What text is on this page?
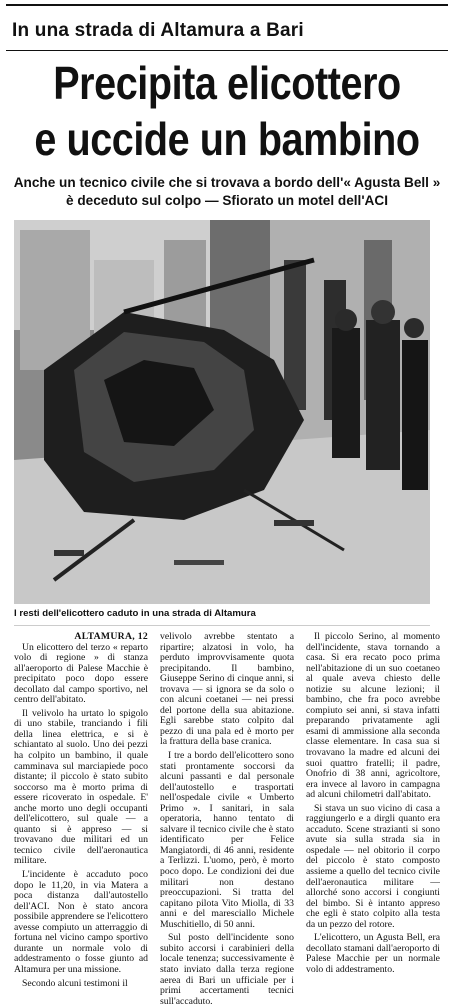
In una strada di Altamura a Bari
Precipita elicottero
e uccide un bambino
Anche un tecnico civile che si trovava a bordo dell'« Agusta Bell » è deceduto sul colpo — Sfiorato un motel dell'ACI
I resti dell'elicottero caduto in una strada di Altamura
ALTAMURA, 12

Un elicottero del terzo « reparto volo di regione » di stanza all'aeroporto di Palese Macchie è precipitato poco dopo essere decollato dal campo sportivo, nel centro dell'abitato.

Il velivolo ha urtato lo spigolo di uno stabile, tranciando i fili della linea elettrica, e si è schiantato al suolo. Uno dei pezzi ha colpito un bambino, il quale camminava sul marciapiede poco distante; il piccolo è stato subito soccorso ma è morto prima di essere ricoverato in ospedale. E' anche morto uno degli occupanti dell'elicottero, sul quale — a quanto si è appreso — si trovavano due militari ed un tecnico civile dell'aeronautica militare.

L'incidente è accaduto poco dopo le 11,20, in via Matera a poca distanza dall'autostello dell'ACI. Non è stato ancora possibile apprendere se l'elicottero avesse compiuto un atterraggio di fortuna nel vicino campo sportivo durante un normale volo di addestramento o fosse giunto ad Altamura per una missione.

Secondo alcuni testimoni il

velivolo avrebbe stentato a ripartire; alzatosi in volo, ha perduto improvvisamente quota precipitando. Il bambino, Giuseppe Serino di cinque anni, si trovava — si ignora se da solo o con alcuni coetanei — nei pressi del portone della sua abitazione. Egli sarebbe stato colpito dal pezzo di una pala ed è morto per la frattura della base cranica.

I tre a bordo dell'elicottero sono stati prontamente soccorsi da alcuni passanti e dal personale dell'autostello e trasportati nell'ospedale civile « Umberto Primo ». I sanitari, in sala operatoria, hanno tentato di salvare il tecnico civile che è stato identificato per Felice Mangiatordi, di 46 anni, residente a Terlizzi. L'uomo, però, è morto poco dopo. Le condizioni dei due militari non destano preoccupazioni. Si tratta del capitano pilota Vito Miolla, di 33 anni e del maresciallo Michele Muschitiello, di 50 anni.

Sul posto dell'incidente sono subito accorsi i carabinieri della locale tenenza; successivamente è stato inviato dalla terza regione aerea di Bari un ufficiale per i primi accertamenti tecnici sull'accaduto.

Il piccolo Serino, al momento dell'incidente, stava tornando a casa. Si era recato poco prima nell'abitazione di un suo coetaneo al quale aveva chiesto delle notizie su alcune lezioni; il bambino, che fra poco avrebbe compiuto sei anni, si stava infatti preparando privatamente agli esami di ammissione alla seconda classe elementare. In casa sua si trovavano la madre ed alcuni dei suoi quattro fratelli; il padre, Onofrio di 38 anni, agricoltore, era invece al lavoro in campagna ad alcuni chilometri dall'abitato.

Si stava un suo vicino di casa a raggiungerlo e a dirgli quanto era accaduto. Scene strazianti si sono avute sia sulla strada sia in ospedale — nel obitorio il corpo del piccolo è stato composto assieme a quello del tecnico civile dell'aeronautica militare — allorché sono accorsi i congiunti del bimbo. Si è intanto appreso che egli è stato colpito alla testa da un pezzo del rotore.

L'elicottero, un Agusta Bell, era decollato stamani dall'aeroporto di Palese Macchie per un normale volo di addestramento.
